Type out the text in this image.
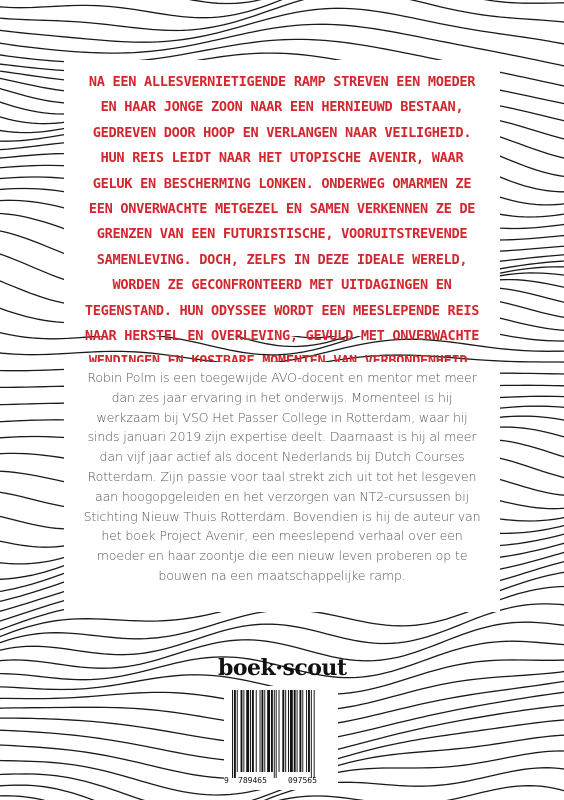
NA EEN ALLESVERNIETIGENDE RAMP STREVEN EEN MOEDER EN HAAR JONGE ZOON NAAR EEN HERNIEUWD BESTAAN, GEDREVEN DOOR HOOP EN VERLANGEN NAAR VEILIGHEID. HUN REIS LEIDT NAAR HET UTOPISCHE AVENIR, WAAR GELUK EN BESCHERMING LONKEN. ONDERWEG OMARMEN ZE EEN ONVERWACHTE METGEZEL EN SAMEN VERKENNEN ZE DE GRENZEN VAN EEN FUTURISTISCHE, VOORUITSTREVENDE SAMENLEVING. DOCH, ZELFS IN DEZE IDEALE WERELD, WORDEN ZE GECONFRONTEERD MET UITDAGINGEN EN TEGENSTAND. HUN ODYSSEE WORDT EEN MEESLEPENDE REIS NAAR HERSTEL EN OVERLEVING, GEVULD MET ONVERWACHTE

Robin Polm is een toegewijde AVO-docent en mentor met meer dan zes jaar ervaring in het onderwijs. Momenteel is hij werkzaam bij VSO Het Passer College in Rotterdam, waar hij sinds januari 2019 zijn expertise deelt. Daarnaast is hij al meer dan vijf jaar actief als docent Nederlands bij Dutch Courses Rotterdam. Zijn passie voor taal strekt zich uit tot het lesgeven aan hoogopgeleiden en het verzorgen van NT2-cursussen bij Stichting Nieuw Thuis Rotterdam. Bovendien is hij de auteur van het boek Project Avenir, een meeslepend verhaal over een moeder en haar zoontje die een nieuw leven proberen op te bouwen na een maatschappelijke ramp.

boek·scout
9 789465	097565
